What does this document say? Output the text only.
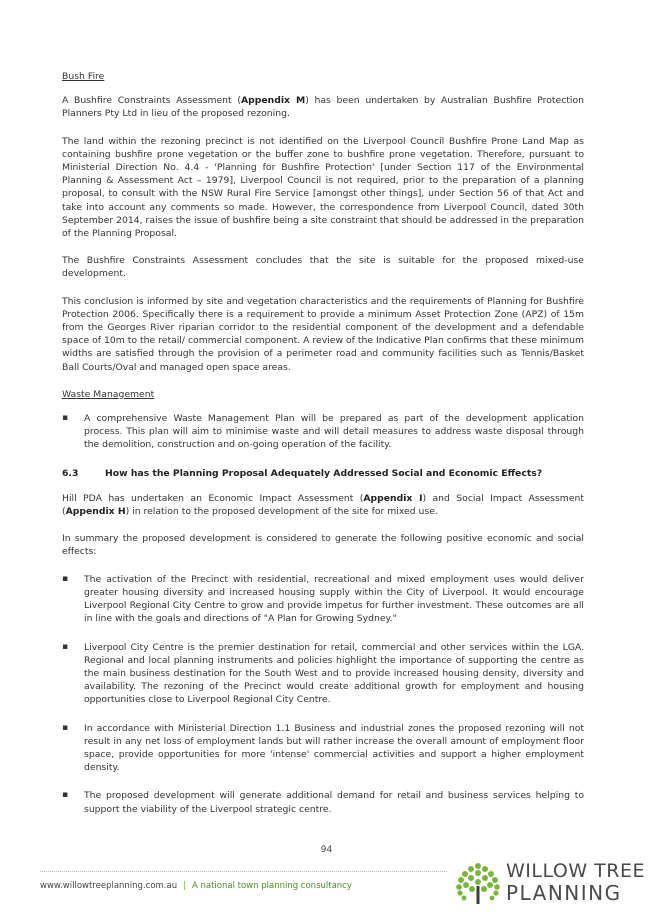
Bush Fire

A Bushfire Constraints Assessment (Appendix M) has been undertaken by Australian Bushfire Protection Planners Pty Ltd in lieu of the proposed rezoning.

The land within the rezoning precinct is not identified on the Liverpool Council Bushfire Prone Land Map as containing bushfire prone vegetation or the buffer zone to bushfire prone vegetation. Therefore, pursuant to Ministerial Direction No. 4.4 - 'Planning for Bushfire Protection' [under Section 117 of the Environmental Planning & Assessment Act – 1979], Liverpool Council is not required, prior to the preparation of a planning proposal, to consult with the NSW Rural Fire Service [amongst other things], under Section 56 of that Act and take into account any comments so made. However, the correspondence from Liverpool Council, dated 30th September 2014, raises the issue of bushfire being a site constraint that should be addressed in the preparation of the Planning Proposal.

The Bushfire Constraints Assessment concludes that the site is suitable for the proposed mixed-use development.

This conclusion is informed by site and vegetation characteristics and the requirements of Planning for Bushfire Protection 2006. Specifically there is a requirement to provide a minimum Asset Protection Zone (APZ) of 15m from the Georges River riparian corridor to the residential component of the development and a defendable space of 10m to the retail/ commercial component. A review of the Indicative Plan confirms that these minimum widths are satisfied through the provision of a perimeter road and community facilities such as Tennis/Basket Ball Courts/Oval and managed open space areas.

Waste Management
▪ A comprehensive Waste Management Plan will be prepared as part of the development application process. This plan will aim to minimise waste and will detail measures to address waste disposal through the demolition, construction and on-going operation of the facility.
6.3	How has the Planning Proposal Adequately Addressed Social and Economic Effects?

Hill PDA has undertaken an Economic Impact Assessment (Appendix I) and Social Impact Assessment (Appendix H) in relation to the proposed development of the site for mixed use.

In summary the proposed development is considered to generate the following positive economic and social effects:

▪ The activation of the Precinct with residential, recreational and mixed employment uses would deliver greater housing diversity and increased housing supply within the City of Liverpool. It would encourage Liverpool Regional City Centre to grow and provide impetus for further investment. These outcomes are all in line with the goals and directions of "A Plan for Growing Sydney."
▪ Liverpool City Centre is the premier destination for retail, commercial and other services within the LGA. Regional and local planning instruments and policies highlight the importance of supporting the centre as the main business destination for the South West and to provide increased housing density, diversity and availability. The rezoning of the Precinct would create additional growth for employment and housing opportunities close to Liverpool Regional City Centre.
▪ In accordance with Ministerial Direction 1.1 Business and industrial zones the proposed rezoning will not result in any net loss of employment lands but will rather increase the overall amount of employment floor space, provide opportunities for more 'intense' commercial activities and support a higher employment density.
▪ The proposed development will generate additional demand for retail and business services helping to support the viability of the Liverpool strategic centre.
94
www.willowtreeplanning.com.au | A national town planning consultancy
WILLOW TREE
PLANNING
